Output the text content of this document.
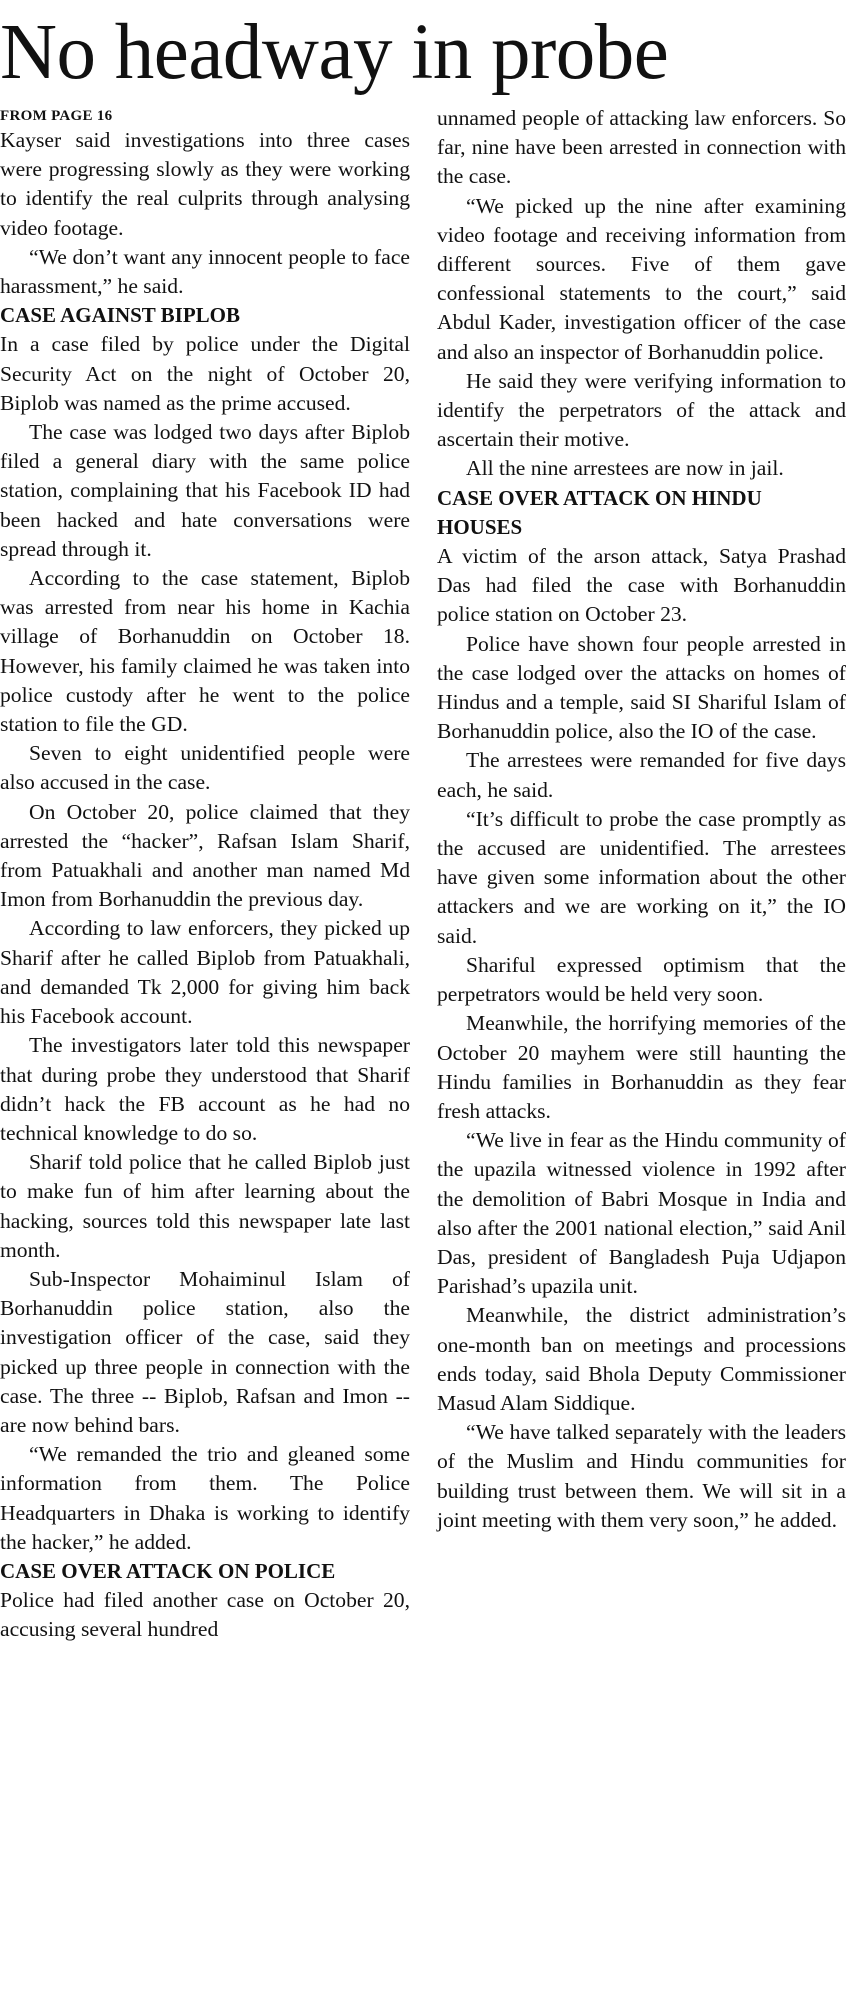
No headway in probe
FROM PAGE 16

Kayser said investigations into three cases were progressing slowly as they were working to identify the real culprits through analysing video footage.

“We don’t want any innocent people to face harassment,” he said.

CASE AGAINST BIPLOB

In a case filed by police under the Digital Security Act on the night of October 20, Biplob was named as the prime accused.

The case was lodged two days after Biplob filed a general diary with the same police station, complaining that his Facebook ID had been hacked and hate conversations were spread through it.

According to the case statement, Biplob was arrested from near his home in Kachia village of Borhanuddin on October 18. However, his family claimed he was taken into police custody after he went to the police station to file the GD.

Seven to eight unidentified people were also accused in the case.

On October 20, police claimed that they arrested the “hacker”, Rafsan Islam Sharif, from Patuakhali and another man named Md Imon from Borhanuddin the previous day.

According to law enforcers, they picked up Sharif after he called Biplob from Patuakhali, and demanded Tk 2,000 for giving him back his Facebook account.

The investigators later told this newspaper that during probe they understood that Sharif didn’t hack the FB account as he had no technical knowledge to do so.

Sharif told police that he called Biplob just to make fun of him after learning about the hacking, sources told this newspaper late last month.

Sub-Inspector Mohaiminul Islam of Borhanuddin police station, also the investigation officer of the case, said they picked up three people in connection with the case. The three -- Biplob, Rafsan and Imon -- are now behind bars.

“We remanded the trio and gleaned some information from them. The Police Headquarters in Dhaka is working to identify the hacker,” he added.

CASE OVER ATTACK ON POLICE

Police had filed another case on October 20, accusing several hundred

unnamed people of attacking law enforcers. So far, nine have been arrested in connection with the case.

“We picked up the nine after examining video footage and receiving information from different sources. Five of them gave confessional statements to the court,” said Abdul Kader, investigation officer of the case and also an inspector of Borhanuddin police.

He said they were verifying information to identify the perpetrators of the attack and ascertain their motive.

All the nine arrestees are now in jail.

CASE OVER ATTACK ON HINDU HOUSES

A victim of the arson attack, Satya Prashad Das had filed the case with Borhanuddin police station on October 23.

Police have shown four people arrested in the case lodged over the attacks on homes of Hindus and a temple, said SI Shariful Islam of Borhanuddin police, also the IO of the case.

The arrestees were remanded for five days each, he said.

“It’s difficult to probe the case promptly as the accused are unidentified. The arrestees have given some information about the other attackers and we are working on it,” the IO said.

Shariful expressed optimism that the perpetrators would be held very soon.

Meanwhile, the horrifying memories of the October 20 mayhem were still haunting the Hindu families in Borhanuddin as they fear fresh attacks.

“We live in fear as the Hindu community of the upazila witnessed violence in 1992 after the demolition of Babri Mosque in India and also after the 2001 national election,” said Anil Das, president of Bangladesh Puja Udjapon Parishad’s upazila unit.

Meanwhile, the district administration’s one-month ban on meetings and processions ends today, said Bhola Deputy Commissioner Masud Alam Siddique.

“We have talked separately with the leaders of the Muslim and Hindu communities for building trust between them. We will sit in a joint meeting with them very soon,” he added.
